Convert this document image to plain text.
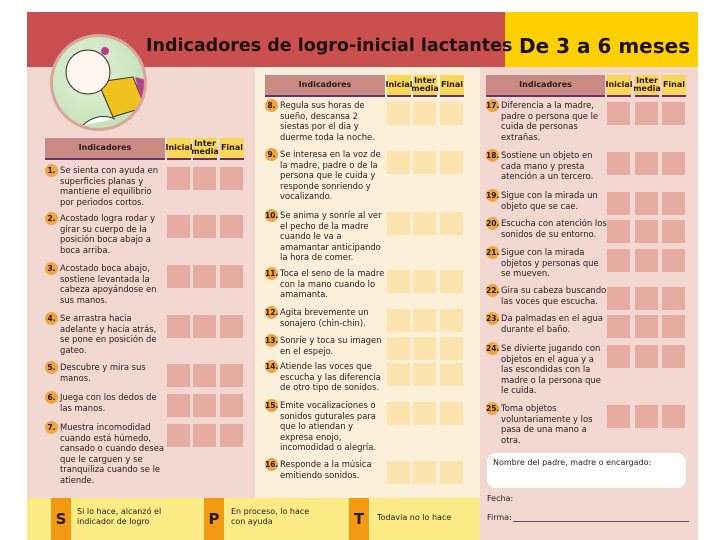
Indicadores de logro-inicial lactantes De 3 a 6 meses
Indicadores	Inicial Inter media Final
1. Se sienta con ayuda en superficies planas y mantiene el equilibrio por periodos cortos.
2. Acostado logra rodar y girar su cuerpo de la posición boca abajo a boca arriba.
3. Acostado boca abajo, sostiene levantada la cabeza apoyándose en sus manos.
4. Se arrastra hacia adelante y hacia atrás, se pone en posición de gateo.
5. Descubre y mira sus manos.
6. Juega con los dedos de las manos.
7. Muestra incomodidad cuando está húmedo, cansado o cuando desea que le carguen y se tranquiliza cuando se le atiende.
Indicadores	Inicial Inter media Final
8. Regula sus horas de sueño, descansa 2 siestas por el dia y duerme toda la noche.
9. Se interesa en la voz de la madre, padre o de la persona que le cuida y responde sonriendo y vocalizando.
10. Se anima y sonríe al ver el pecho de la madre cuando le va a amamantar anticipando la hora de comer.
11. Toca el seno de la madre con la mano cuando lo amamanta.
12. Agita brevemente un sonajero (chin-chin).
13. Sonríe y toca su imagen en el espejo.
14. Atiende las voces que escucha y las diferencia de otro tipo de sonidos.
15. Emite vocalizaciones o sonidos guturales para que lo atiendan y expresa enojo, incomodidad o alegría.
16. Responde a la música emitiendo sonidos.
Indicadores	Inicial Inter media Final
17. Diferencia a la madre, padre o persona que le cuida de personas extrañas.
18. Sostiene un objeto en cada mano y presta atención a un tercero.
19. Sigue con la mirada un objeto que se cae.
20. Escucha con atención los sonidos de su entorno.
21. Sigue con la mirada objetos y personas que se mueven.
22. Gira su cabeza buscando las voces que escucha.
23. Da palmadas en el agua durante el baño.
24. Se divierte jugando con objetos en el agua y a las escondidas con la madre o la persona que le cuida.
25. Toma objetos voluntariamente y los pasa de una mano a otra.
Nombre del padre, madre o encargado:
Fecha:
Firma:
S	Si lo hace, alcanzó el indicador de logro	P	En proceso, lo hace con ayuda	T	Todavia no lo hace
